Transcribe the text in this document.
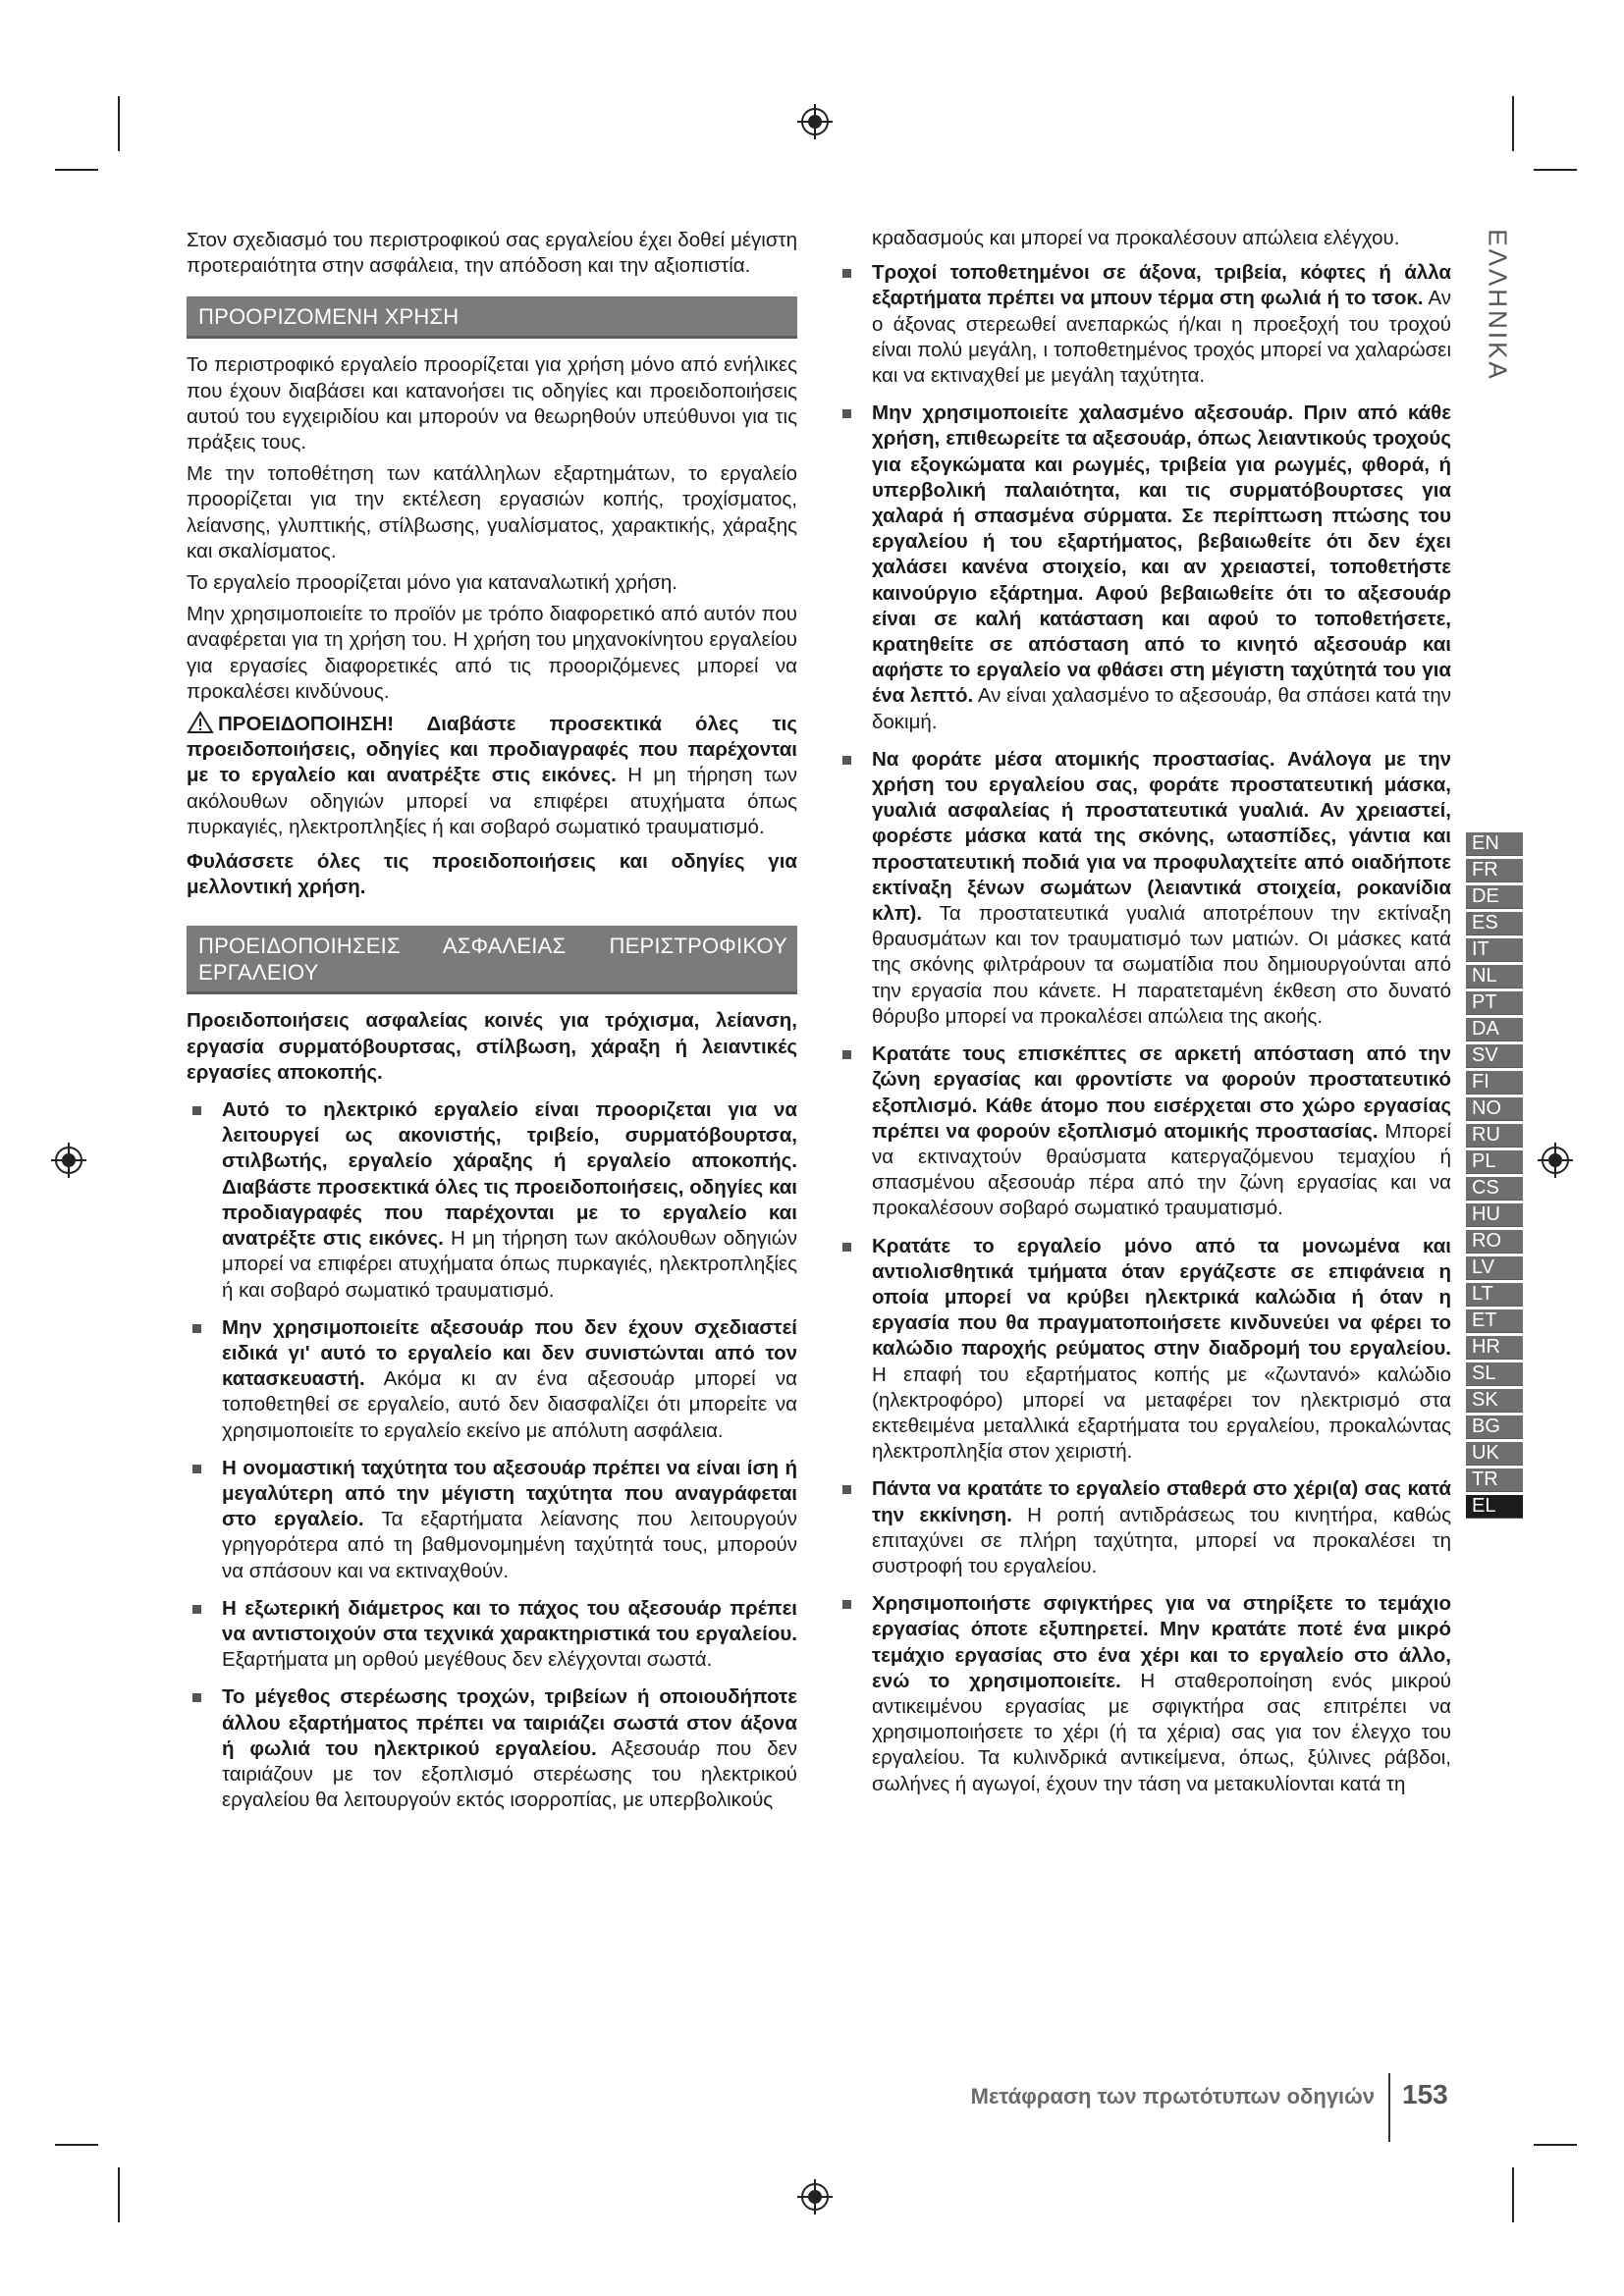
ΕΛΛΗΝΙΚΑ

Στον σχεδιασμό του περιστροφικού σας εργαλείου έχει δοθεί μέγιστη προτεραιότητα στην ασφάλεια, την απόδοση και την αξιοπιστία.

ΠΡΟΟΡΙΖΟΜΕΝΗ ΧΡΗΣΗ

Το περιστροφικό εργαλείο προορίζεται για χρήση μόνο από ενήλικες που έχουν διαβάσει και κατανοήσει τις οδηγίες και προειδοποιήσεις αυτού του εγχειριδίου και μπορούν να θεωρηθούν υπεύθυνοι για τις πράξεις τους.

Με την τοποθέτηση των κατάλληλων εξαρτημάτων, το εργαλείο προορίζεται για την εκτέλεση εργασιών κοπής, τροχίσματος, λείανσης, γλυπτικής, στίλβωσης, γυαλίσματος, χαρακτικής, χάραξης και σκαλίσματος.

Το εργαλείο προορίζεται μόνο για καταναλωτική χρήση.

Μην χρησιμοποιείτε το προϊόν με τρόπο διαφορετικό από αυτόν που αναφέρεται για τη χρήση του. Η χρήση του μηχανοκίνητου εργαλείου για εργασίες διαφορετικές από τις προοριζόμενες μπορεί να προκαλέσει κινδύνους.

ΠΡΟΕΙΔΟΠΟΙΗΣΗ! Διαβάστε προσεκτικά όλες τις προειδοποιήσεις, οδηγίες και προδιαγραφές που παρέχονται με το εργαλείο και ανατρέξτε στις εικόνες. Η μη τήρηση των ακόλουθων οδηγιών μπορεί να επιφέρει ατυχήματα όπως πυρκαγιές, ηλεκτροπληξίες ή και σοβαρό σωματικό τραυματισμό.

Φυλάσσετε όλες τις προειδοποιήσεις και οδηγίες για μελλοντική χρήση.

ΠΡΟΕΙΔΟΠΟΙΗΣΕΙΣ ΑΣΦΑΛΕΙΑΣ ΠΕΡΙΣΤΡΟΦΙΚΟΥ ΕΡΓΑΛΕΙΟΥ

Προειδοποιήσεις ασφαλείας κοινές για τρόχισμα, λείανση, εργασία συρματόβουρτσας, στίλβωση, χάραξη ή λειαντικές εργασίες αποκοπής.

Αυτό το ηλεκτρικό εργαλείο είναι προοριζεται για να λειτουργεί ως ακονιστής, τριβείο, συρματόβουρτσα, στιλβωτής, εργαλείο χάραξης ή εργαλείο αποκοπής. Διαβάστε προσεκτικά όλες τις προειδοποιήσεις, οδηγίες και προδιαγραφές που παρέχονται με το εργαλείο και ανατρέξτε στις εικόνες. Η μη τήρηση των ακόλουθων οδηγιών μπορεί να επιφέρει ατυχήματα όπως πυρκαγιές, ηλεκτροπληξίες ή και σοβαρό σωματικό τραυματισμό.
Μην χρησιμοποιείτε αξεσουάρ που δεν έχουν σχεδιαστεί ειδικά γι' αυτό το εργαλείο και δεν συνιστώνται από τον κατασκευαστή. Ακόμα κι αν ένα αξεσουάρ μπορεί να τοποθετηθεί σε εργαλείο, αυτό δεν διασφαλίζει ότι μπορείτε να χρησιμοποιείτε το εργαλείο εκείνο με απόλυτη ασφάλεια.
Η ονομαστική ταχύτητα του αξεσουάρ πρέπει να είναι ίση ή μεγαλύτερη από την μέγιστη ταχύτητα που αναγράφεται στο εργαλείο. Τα εξαρτήματα λείανσης που λειτουργούν γρηγορότερα από τη βαθμονομημένη ταχύτητά τους, μπορούν να σπάσουν και να εκτιναχθούν.
Η εξωτερική διάμετρος και το πάχος του αξεσουάρ πρέπει να αντιστοιχούν στα τεχνικά χαρακτηριστικά του εργαλείου. Εξαρτήματα μη ορθού μεγέθους δεν ελέγχονται σωστά.
Το μέγεθος στερέωσης τροχών, τριβείων ή οποιουδήποτε άλλου εξαρτήματος πρέπει να ταιριάζει σωστά στον άξονα ή φωλιά του ηλεκτρικού εργαλείου. Αξεσουάρ που δεν ταιριάζουν με τον εξοπλισμό στερέωσης του ηλεκτρικού εργαλείου θα λειτουργούν εκτός ισορροπίας, με υπερβολικούς

κραδασμούς και μπορεί να προκαλέσουν απώλεια ελέγχου.

Τροχοί τοποθετημένοι σε άξονα, τριβεία, κόφτες ή άλλα εξαρτήματα πρέπει να μπουν τέρμα στη φωλιά ή το τσοκ. Αν ο άξονας στερεωθεί ανεπαρκώς ή/και η προεξοχή του τροχού είναι πολύ μεγάλη, ι τοποθετημένος τροχός μπορεί να χαλαρώσει και να εκτιναχθεί με μεγάλη ταχύτητα.
Μην χρησιμοποιείτε χαλασμένο αξεσουάρ. Πριν από κάθε χρήση, επιθεωρείτε τα αξεσουάρ, όπως λειαντικούς τροχούς για εξογκώματα και ρωγμές, τριβεία για ρωγμές, φθορά, ή υπερβολική παλαιότητα, και τις συρματόβουρτσες για χαλαρά ή σπασμένα σύρματα. Σε περίπτωση πτώσης του εργαλείου ή του εξαρτήματος, βεβαιωθείτε ότι δεν έχει χαλάσει κανένα στοιχείο, και αν χρειαστεί, τοποθετήστε καινούργιο εξάρτημα. Αφού βεβαιωθείτε ότι το αξεσουάρ είναι σε καλή κατάσταση και αφού το τοποθετήσετε, κρατηθείτε σε απόσταση από το κινητό αξεσουάρ και αφήστε το εργαλείο να φθάσει στη μέγιστη ταχύτητά του για ένα λεπτό. Αν είναι χαλασμένο το αξεσουάρ, θα σπάσει κατά την δοκιμή.
Να φοράτε μέσα ατομικής προστασίας. Ανάλογα με την χρήση του εργαλείου σας, φοράτε προστατευτική μάσκα, γυαλιά ασφαλείας ή προστατευτικά γυαλιά. Αν χρειαστεί, φορέστε μάσκα κατά της σκόνης, ωτασπίδες, γάντια και προστατευτική ποδιά για να προφυλαχτείτε από οιαδήποτε εκτίναξη ξένων σωμάτων (λειαντικά στοιχεία, ροκανίδια κλπ). Τα προστατευτικά γυαλιά αποτρέπουν την εκτίναξη θραυσμάτων και τον τραυματισμό των ματιών. Οι μάσκες κατά της σκόνης φιλτράρουν τα σωματίδια που δημιουργούνται από την εργασία που κάνετε. Η παρατεταμένη έκθεση στο δυνατό θόρυβο μπορεί να προκαλέσει απώλεια της ακοής.
Κρατάτε τους επισκέπτες σε αρκετή απόσταση από την ζώνη εργασίας και φροντίστε να φορούν προστατευτικό εξοπλισμό. Κάθε άτομο που εισέρχεται στο χώρο εργασίας πρέπει να φορούν εξοπλισμό ατομικής προστασίας. Μπορεί να εκτιναχτούν θραύσματα κατεργαζόμενου τεμαχίου ή σπασμένου αξεσουάρ πέρα από την ζώνη εργασίας και να προκαλέσουν σοβαρό σωματικό τραυματισμό.
Κρατάτε το εργαλείο μόνο από τα μονωμένα και αντιολισθητικά τμήματα όταν εργάζεστε σε επιφάνεια η οποία μπορεί να κρύβει ηλεκτρικά καλώδια ή όταν η εργασία που θα πραγματοποιήσετε κινδυνεύει να φέρει το καλώδιο παροχής ρεύματος στην διαδρομή του εργαλείου. Η επαφή του εξαρτήματος κοπής με «ζωντανό» καλώδιο (ηλεκτροφόρο) μπορεί να μεταφέρει τον ηλεκτρισμό στα εκτεθειμένα μεταλλικά εξαρτήματα του εργαλείου, προκαλώντας ηλεκτροπληξία στον χειριστή.
Πάντα να κρατάτε το εργαλείο σταθερά στο χέρι(α) σας κατά την εκκίνηση. Η ροπή αντιδράσεως του κινητήρα, καθώς επιταχύνει σε πλήρη ταχύτητα, μπορεί να προκαλέσει τη συστροφή του εργαλείου.
Χρησιμοποιήστε σφιγκτήρες για να στηρίξετε το τεμάχιο εργασίας όποτε εξυπηρετεί. Μην κρατάτε ποτέ ένα μικρό τεμάχιο εργασίας στο ένα χέρι και το εργαλείο στο άλλο, ενώ το χρησιμοποιείτε. Η σταθεροποίηση ενός μικρού αντικειμένου εργασίας με σφιγκτήρα σας επιτρέπει να χρησιμοποιήσετε το χέρι (ή τα χέρια) σας για τον έλεγχο του εργαλείου. Τα κυλινδρικά αντικείμενα, όπως, ξύλινες ράβδοι, σωλήνες ή αγωγοί, έχουν την τάση να μετακυλίονται κατά τη
EN
FR
DE
ES
IT
NL
PT
DA
SV
FI
NO
RU
PL
CS
HU
RO
LV
LT
ET
HR
SL
SK
BG
UK
TR
EL
Μετάφραση των πρωτότυπων οδηγιών 153
